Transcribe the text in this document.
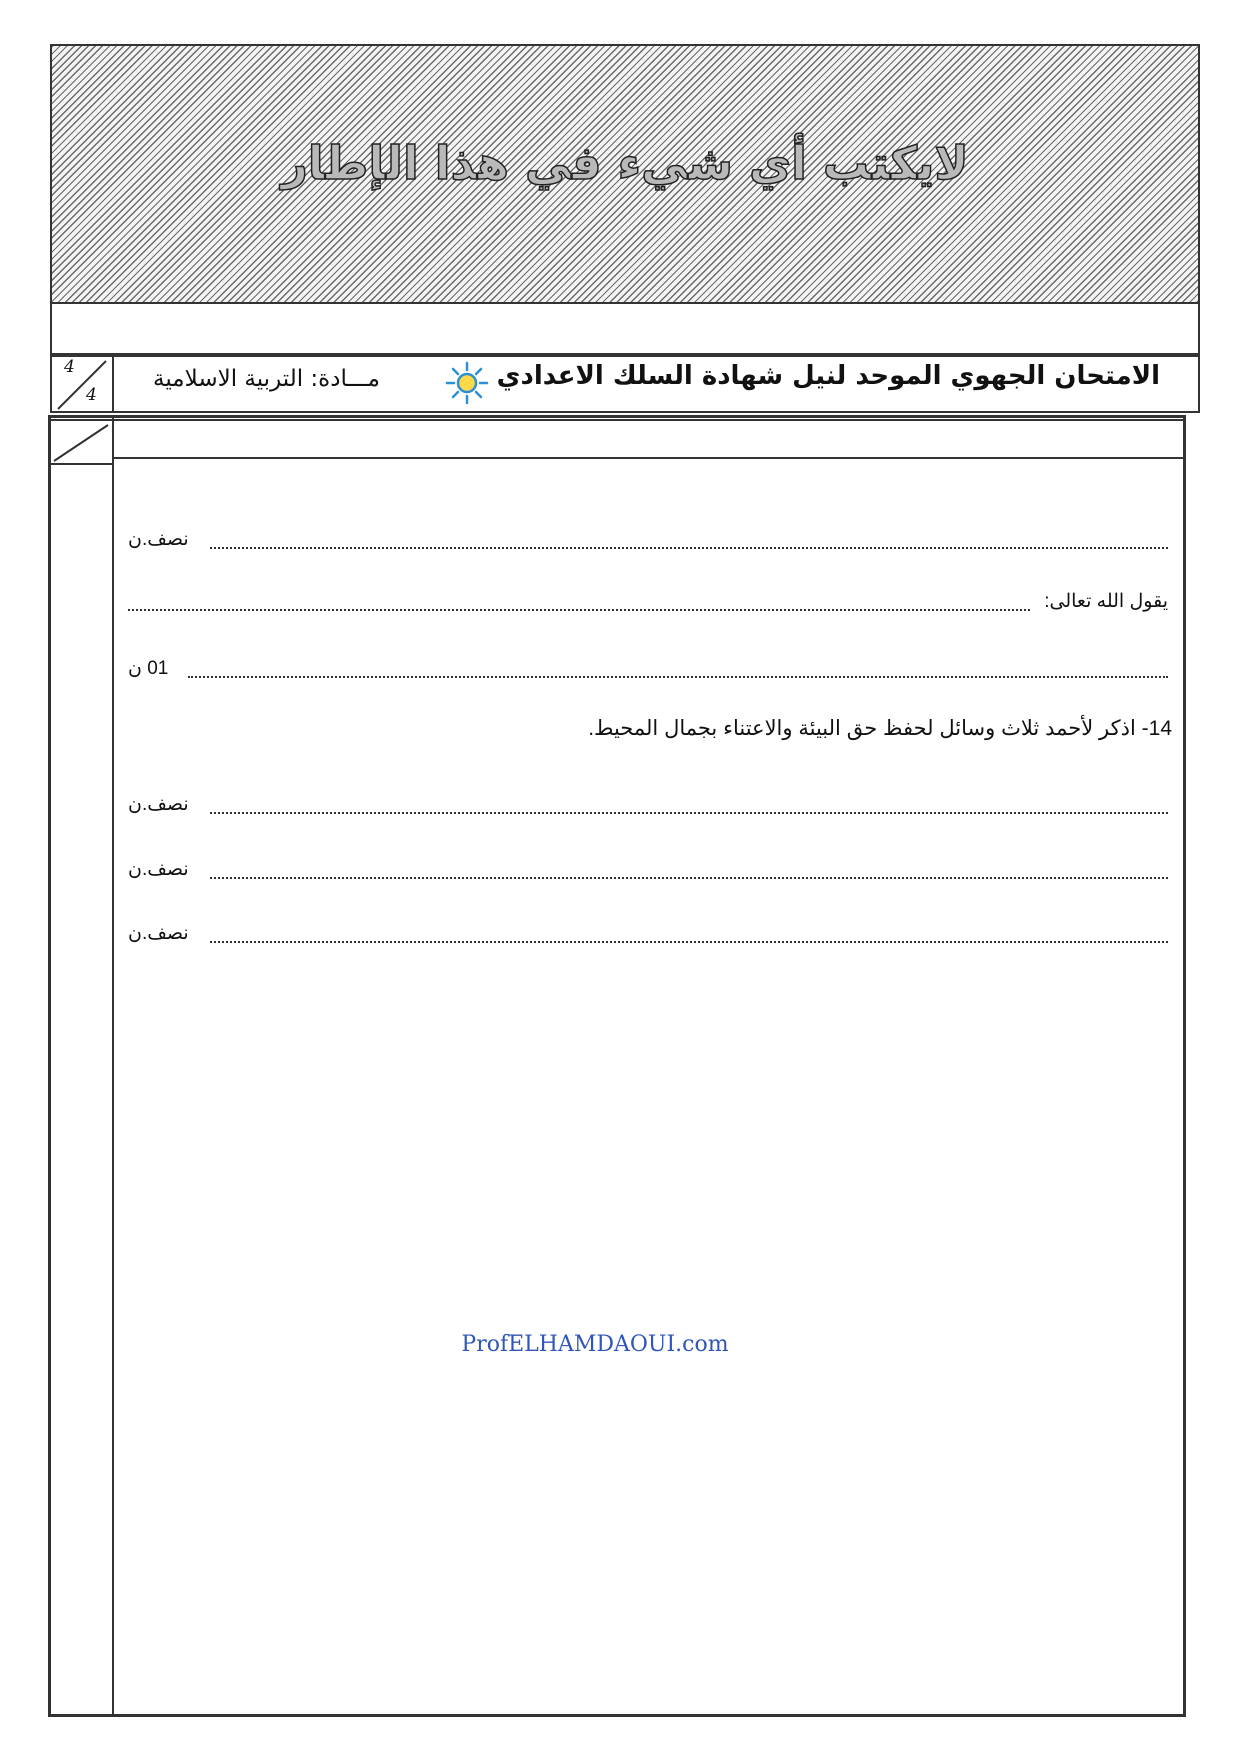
لايكتب أي شيء في هذا الإطار
4
4
الامتحان الجهوي الموحد لنيل شهادة السلك الاعدادي
مـــادة: التربية الاسلامية
نصف.ن
يقول الله تعالى:
01 ن
14- اذكر لأحمد ثلاث وسائل لحفظ حق البيئة والاعتناء بجمال المحيط.
نصف.ن
نصف.ن
نصف.ن
ProfELHAMDAOUI.com
